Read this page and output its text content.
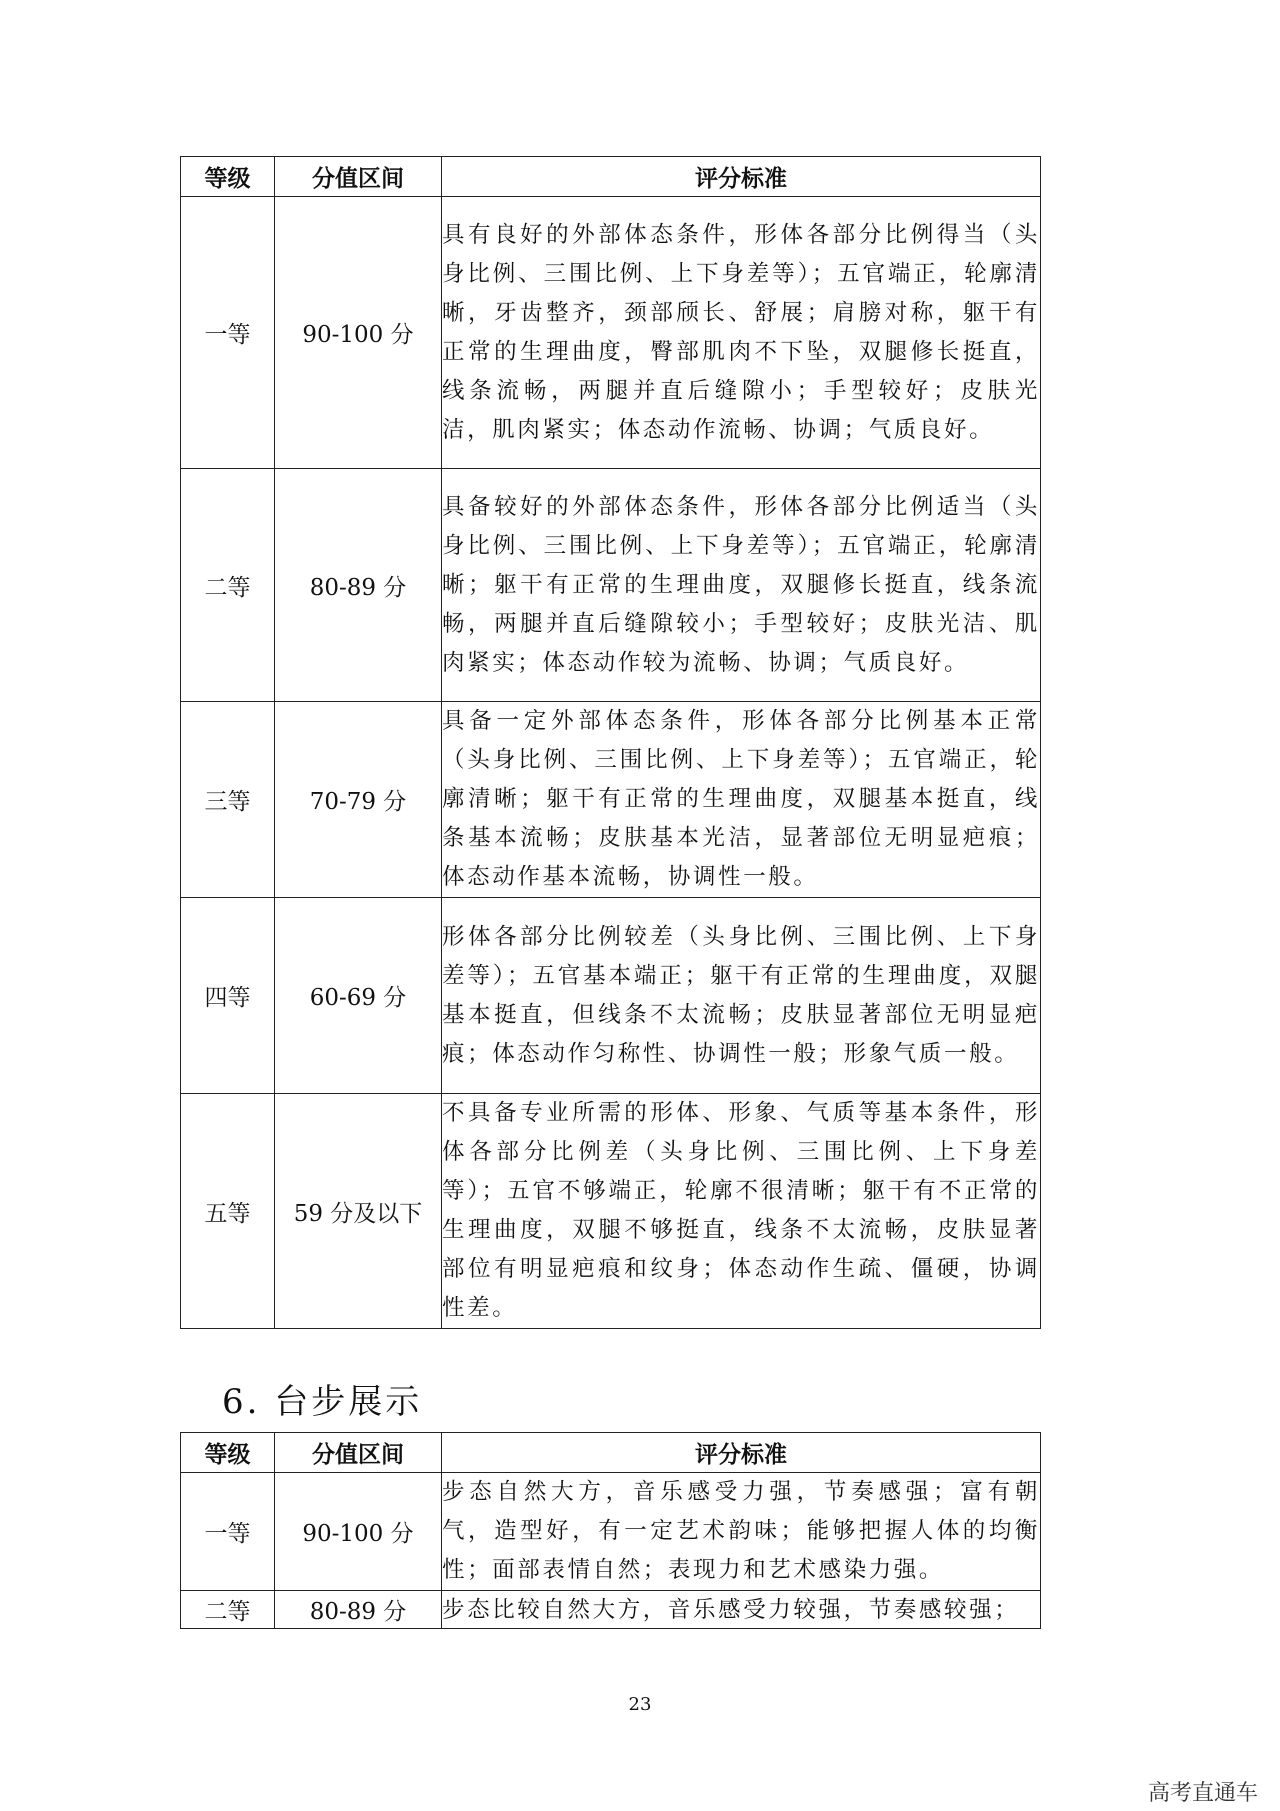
等级	分值区间	评分标准
一等	90-100 分	具有良好的外部体态条件，形体各部分比例得当（头身比例、三围比例、上下身差等）；五官端正，轮廓清晰，牙齿整齐，颈部颀长、舒展；肩膀对称，躯干有正常的生理曲度，臀部肌肉不下坠，双腿修长挺直，线条流畅，两腿并直后缝隙小；手型较好；皮肤光洁，肌肉紧实；体态动作流畅、协调；气质良好。
二等	80-89 分	具备较好的外部体态条件，形体各部分比例适当（头身比例、三围比例、上下身差等）；五官端正，轮廓清晰；躯干有正常的生理曲度，双腿修长挺直，线条流畅，两腿并直后缝隙较小；手型较好；皮肤光洁、肌肉紧实；体态动作较为流畅、协调；气质良好。
三等	70-79 分	具备一定外部体态条件，形体各部分比例基本正常（头身比例、三围比例、上下身差等）；五官端正，轮廓清晰；躯干有正常的生理曲度，双腿基本挺直，线条基本流畅；皮肤基本光洁，显著部位无明显疤痕；体态动作基本流畅，协调性一般。
四等	60-69 分	形体各部分比例较差（头身比例、三围比例、上下身差等）；五官基本端正；躯干有正常的生理曲度，双腿基本挺直，但线条不太流畅；皮肤显著部位无明显疤痕；体态动作匀称性、协调性一般；形象气质一般。
五等	59 分及以下	不具备专业所需的形体、形象、气质等基本条件，形体各部分比例差（头身比例、三围比例、上下身差等）；五官不够端正，轮廓不很清晰；躯干有不正常的生理曲度，双腿不够挺直，线条不太流畅，皮肤显著部位有明显疤痕和纹身；体态动作生疏、僵硬，协调性差。
6. 台步展示
等级	分值区间	评分标准
一等	90-100 分	步态自然大方，音乐感受力强，节奏感强；富有朝气，造型好，有一定艺术韵味；能够把握人体的均衡性；面部表情自然；表现力和艺术感染力强。
二等	80-89 分	步态比较自然大方，音乐感受力较强，节奏感较强；
23
高考直通车
